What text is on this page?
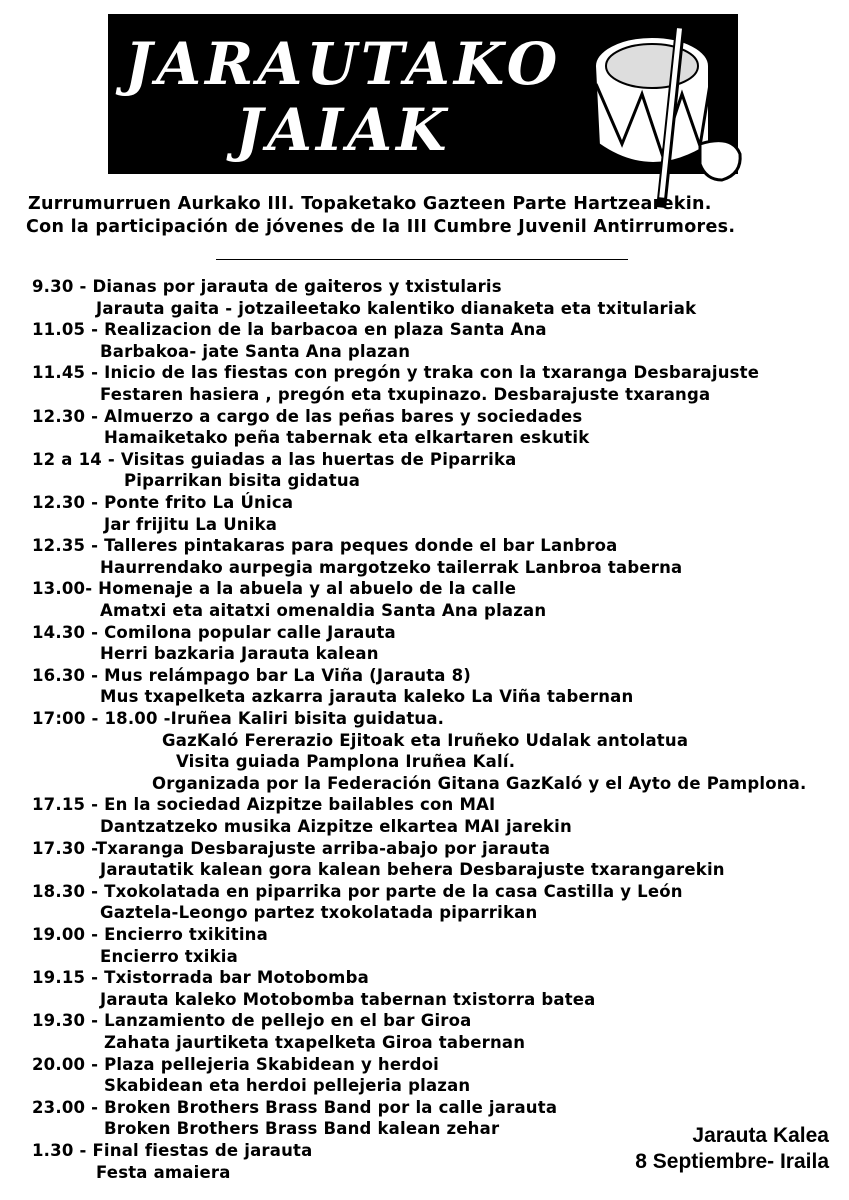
JARAUTAKO
JAIAK
Zurrumurruen Aurkako III. Topaketako Gazteen Parte Hartzearekin.
Con la participación de jóvenes de la III Cumbre Juvenil Antirrumores.
9.30 - Dianas por jarauta de gaiteros y txistularis
Jarauta gaita - jotzaileetako kalentiko dianaketa eta txitulariak
11.05 - Realizacion de la barbacoa en plaza Santa Ana
Barbakoa- jate Santa Ana plazan
11.45 - Inicio de las fiestas con pregón y traka con la txaranga Desbarajuste
Festaren hasiera , pregón eta txupinazo. Desbarajuste txaranga
12.30 - Almuerzo a cargo de las peñas bares y sociedades
Hamaiketako peña tabernak eta elkartaren eskutik
12 a 14 - Visitas guiadas a las huertas de Piparrika
Piparrikan bisita gidatua
12.30 - Ponte frito La Única
Jar frijitu La Unika
12.35 - Talleres pintakaras para peques donde el bar Lanbroa
Haurrendako aurpegia margotzeko tailerrak Lanbroa taberna
13.00- Homenaje a la abuela y al abuelo de la calle
Amatxi eta aitatxi omenaldia Santa Ana plazan
14.30 - Comilona popular calle Jarauta
Herri bazkaria Jarauta kalean
16.30 - Mus relámpago bar La Viña (Jarauta 8)
Mus txapelketa azkarra jarauta kaleko La Viña tabernan
17:00 - 18.00 -Iruñea Kaliri bisita guidatua.
GazKaló Fererazio Ejitoak eta Iruñeko Udalak antolatua
Visita guiada Pamplona Iruñea Kalí.
Organizada por la Federación Gitana GazKaló y el Ayto de Pamplona.
17.15 - En la sociedad Aizpitze bailables con MAI
Dantzatzeko musika Aizpitze elkartea MAI jarekin
17.30 -Txaranga Desbarajuste arriba-abajo por jarauta
Jarautatik kalean gora kalean behera Desbarajuste txarangarekin
18.30 - Txokolatada en piparrika por parte de la casa Castilla y León
Gaztela-Leongo partez txokolatada piparrikan
19.00 - Encierro txikitina
Encierro txikia
19.15 - Txistorrada bar Motobomba
Jarauta kaleko Motobomba tabernan txistorra batea
19.30 - Lanzamiento de pellejo en el bar Giroa
Zahata jaurtiketa txapelketa Giroa tabernan
20.00 - Plaza pellejeria Skabidean y herdoi
Skabidean eta herdoi pellejeria plazan
23.00 - Broken Brothers Brass Band por la calle jarauta
Broken Brothers Brass Band kalean zehar
1.30 - Final fiestas de jarauta
Festa amaiera
Jarauta Kalea
8 Septiembre- Iraila
